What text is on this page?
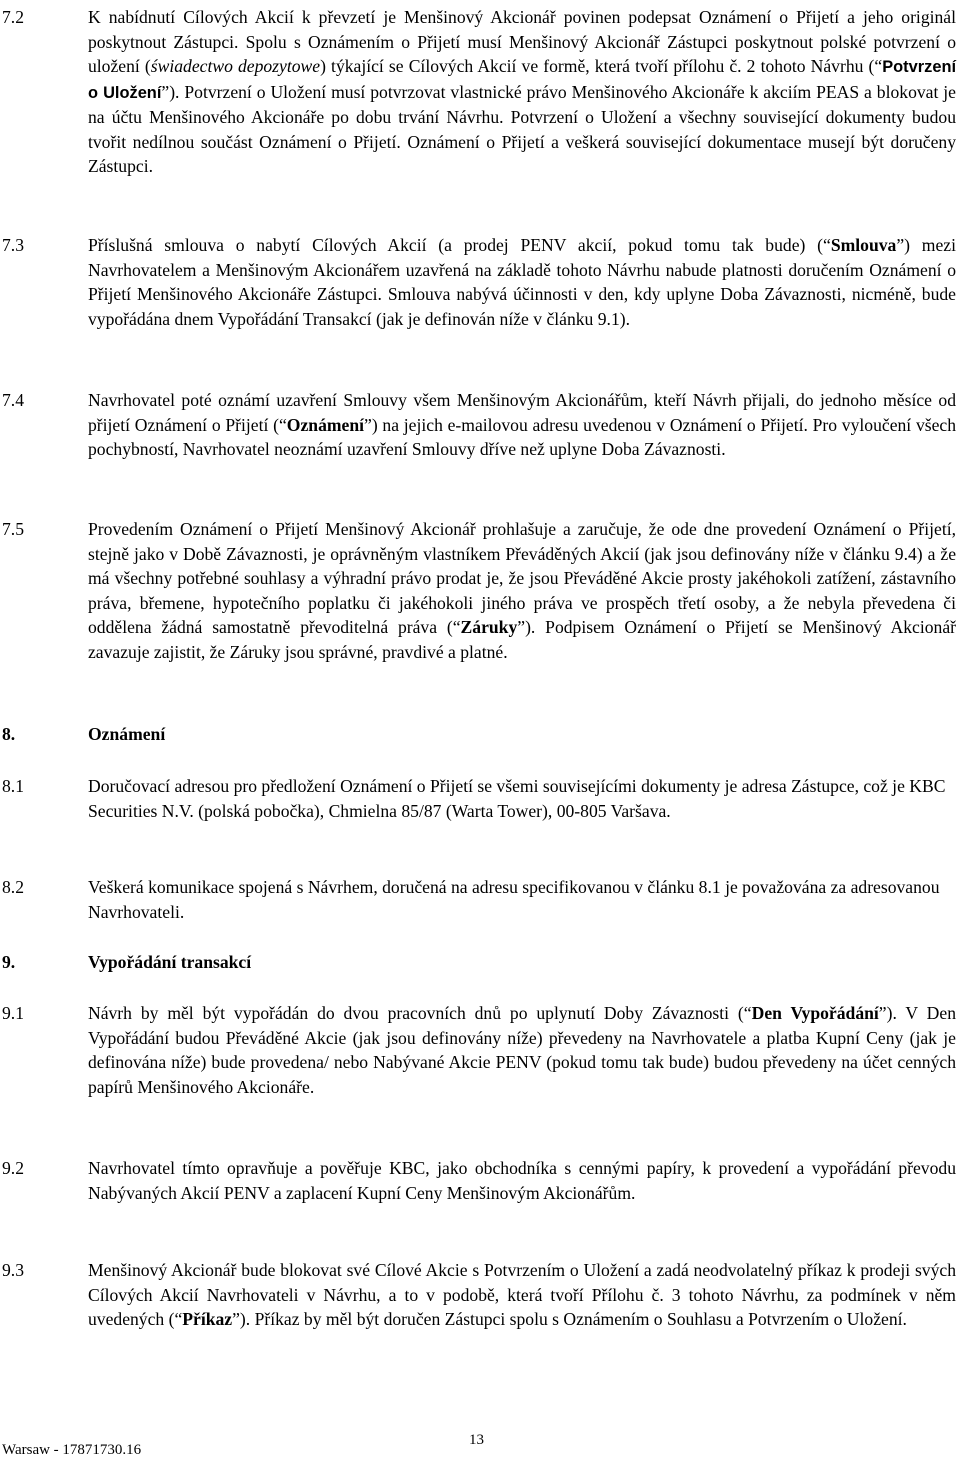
7.2	K nabídnutí Cílových Akcií k převzetí je Menšinový Akcionář povinen podepsat Oznámení o Přijetí a jeho originál poskytnout Zástupci. Spolu s Oznámením o Přijetí musí Menšinový Akcionář Zástupci poskytnout polské potvrzení o uložení (świadectwo depozytowe) týkající se Cílových Akcií ve formě, která tvoří přílohu č. 2 tohoto Návrhu (“Potvrzení o Uložení”). Potvrzení o Uložení musí potvrzovat vlastnické právo Menšinového Akcionáře k akciím PEAS a blokovat je na účtu Menšinového Akcionáře po dobu trvání Návrhu. Potvrzení o Uložení a všechny související dokumenty budou tvořit nedílnou součást Oznámení o Přijetí. Oznámení o Přijetí a veškerá související dokumentace musejí být doručeny Zástupci.
7.3	Příslušná smlouva o nabytí Cílových Akcií (a prodej PENV akcií, pokud tomu tak bude) (“Smlouva”) mezi Navrhovatelem a Menšinovým Akcionářem uzavřená na základě tohoto Návrhu nabude platnosti doručením Oznámení o Přijetí Menšinového Akcionáře Zástupci. Smlouva nabývá účinnosti v den, kdy uplyne Doba Závaznosti, nicméně, bude vypořádána dnem Vypořádání Transakcí (jak je definován níže v článku 9.1).
7.4	Navrhovatel poté oznámí uzavření Smlouvy všem Menšinovým Akcionářům, kteří Návrh přijali, do jednoho měsíce od přijetí Oznámení o Přijetí (“Oznámení”) na jejich e-mailovou adresu uvedenou v Oznámení o Přijetí. Pro vyloučení všech pochybností, Navrhovatel neoznámí uzavření Smlouvy dříve než uplyne Doba Závaznosti.
7.5	Provedením Oznámení o Přijetí Menšinový Akcionář prohlašuje a zaručuje, že ode dne provedení Oznámení o Přijetí, stejně jako v Době Závaznosti, je oprávněným vlastníkem Převáděných Akcií (jak jsou definovány níže v článku 9.4) a že má všechny potřebné souhlasy a výhradní právo prodat je, že jsou Převáděné Akcie prosty jakéhokoli zatížení, zástavního práva, břemene, hypotečního poplatku či jakéhokoli jiného práva ve prospěch třetí osoby, a že nebyla převedena či oddělena žádná samostatně převoditelná práva (“Záruky”). Podpisem Oznámení o Přijetí se Menšinový Akcionář zavazuje zajistit, že Záruky jsou správné, pravdivé a platné.
8.	Oznámení
8.1	Doručovací adresou pro předložení Oznámení o Přijetí se všemi souvisejícími dokumenty je adresa Zástupce, což je KBC Securities N.V. (polská pobočka), Chmielna 85/87 (Warta Tower), 00-805 Varšava.
8.2	Veškerá komunikace spojená s Návrhem, doručená na adresu specifikovanou v článku 8.1 je považována za adresovanou Navrhovateli.
9.	Vypořádání transakcí
9.1	Návrh by měl být vypořádán do dvou pracovních dnů po uplynutí Doby Závaznosti (“Den Vypořádání”). V Den Vypořádání budou Převáděné Akcie (jak jsou definovány níže) převedeny na Navrhovatele a platba Kupní Ceny (jak je definována níže) bude provedena/ nebo Nabývané Akcie PENV (pokud tomu tak bude) budou převedeny na účet cenných papírů Menšinového Akcionáře.
9.2	Navrhovatel tímto opravňuje a pověřuje KBC, jako obchodníka s cennými papíry, k provedení a vypořádání převodu Nabývaných Akcií PENV a zaplacení Kupní Ceny Menšinovým Akcionářům.
9.3	Menšinový Akcionář bude blokovat své Cílové Akcie s Potvrzením o Uložení a zadá neodvolatelný příkaz k prodeji svých Cílových Akcií Navrhovateli v Návrhu, a to v podobě, která tvoří Přílohu č. 3 tohoto Návrhu, za podmínek v něm uvedených (“Příkaz”). Příkaz by měl být doručen Zástupci spolu s Oznámením o Souhlasu a Potvrzením o Uložení.
13
Warsaw - 17871730.16
